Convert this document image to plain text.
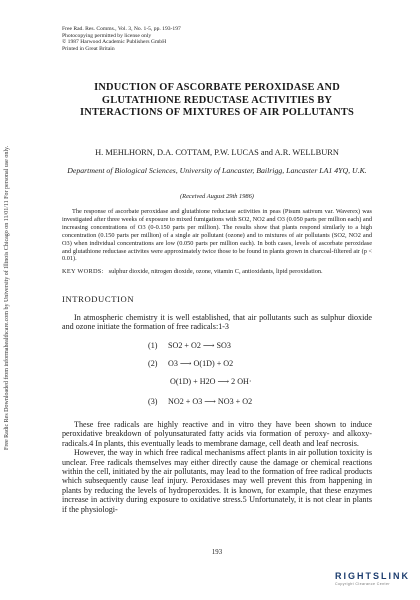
Free Radic Res Downloaded from informahealthcare.com by University of Illinois Chicago on 11/01/11 For personal use only.
Free Rad. Res. Comms., Vol. 3, No. 1-5, pp. 193-197
Photocopying permitted by license only
© 1987 Harwood Academic Publishers GmbH
Printed in Great Britain
INDUCTION OF ASCORBATE PEROXIDASE AND GLUTATHIONE REDUCTASE ACTIVITIES BY INTERACTIONS OF MIXTURES OF AIR POLLUTANTS
H. MEHLHORN, D.A. COTTAM, P.W. LUCAS and A.R. WELLBURN
Department of Biological Sciences, University of Lancaster, Bailrigg, Lancaster LA1 4YQ, U.K.
(Received August 29th 1986)

The response of ascorbate peroxidase and glutathione reductase activities in peas (Pisum sativum var. Waverex) was investigated after three weeks of exposure to mixed fumigations with SO2, NO2 and O3 (0.050 parts per million each) and increasing concentrations of O3 (0-0.150 parts per million). The results show that plants respond similarly to a high concentration (0.150 parts per million) of a single air pollutant (ozone) and to mixtures of air pollutants (SO2, NO2 and O3) when individual concentrations are low (0.050 parts per million each). In both cases, levels of ascorbate peroxidase and glutathione reductase activites were approximately twice those to be found in plants grown in charcoal-filtered air (p < 0.01).

KEY WORDS: sulphur dioxide, nitrogen dioxide, ozone, vitamin C, antioxidants, lipid peroxidation.
INTRODUCTION

In atmospheric chemistry it is well established, that air pollutants such as sulphur dioxide and ozone initiate the formation of free radicals:1-3

(1) SO2 + O2 ⟶ SO3
(2) O3 ⟶ O(1D) + O2
O(1D) + H2O ⟶ 2 OH·
(3) NO2 + O3 ⟶ NO3 + O2

These free radicals are highly reactive and in vitro they have been shown to induce peroxidative breakdown of polyunsaturated fatty acids via formation of peroxy- and alkoxy-radicals.4 In plants, this eventually leads to membrane damage, cell death and leaf necrosis.

However, the way in which free radical mechanisms affect plants in air pollution toxicity is unclear. Free radicals themselves may either directly cause the damage or chemical reactions within the cell, initiated by the air pollutants, may lead to the formation of free radical products which subsequently cause leaf injury. Peroxidases may well prevent this from happening in plants by reducing the levels of hydroperoxides. It is known, for example, that these enzymes increase in activity during exposure to oxidative stress.5 Unfortunately, it is not clear in plants if the physiologi-

193
RIGHTSLINK
Copyright Clearance Center
